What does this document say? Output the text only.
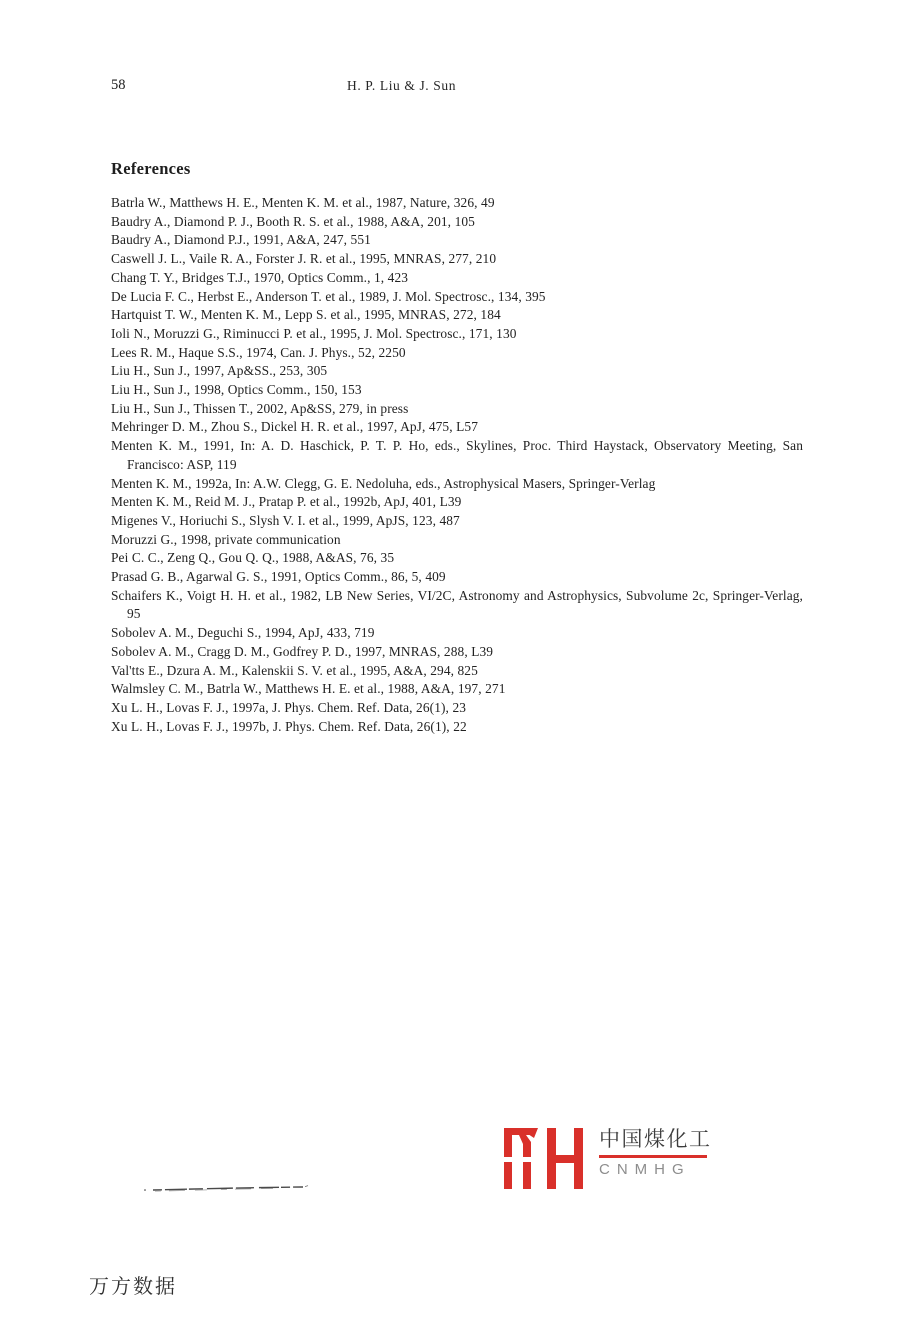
58	H. P. Liu & J. Sun
References
Batrla W., Matthews H. E., Menten K. M. et al., 1987, Nature, 326, 49
Baudry A., Diamond P. J., Booth R. S. et al., 1988, A&A, 201, 105
Baudry A., Diamond P.J., 1991, A&A, 247, 551
Caswell J. L., Vaile R. A., Forster J. R. et al., 1995, MNRAS, 277, 210
Chang T. Y., Bridges T.J., 1970, Optics Comm., 1, 423
De Lucia F. C., Herbst E., Anderson T. et al., 1989, J. Mol. Spectrosc., 134, 395
Hartquist T. W., Menten K. M., Lepp S. et al., 1995, MNRAS, 272, 184
Ioli N., Moruzzi G., Riminucci P. et al., 1995, J. Mol. Spectrosc., 171, 130
Lees R. M., Haque S.S., 1974, Can. J. Phys., 52, 2250
Liu H., Sun J., 1997, Ap&SS., 253, 305
Liu H., Sun J., 1998, Optics Comm., 150, 153
Liu H., Sun J., Thissen T., 2002, Ap&SS, 279, in press
Mehringer D. M., Zhou S., Dickel H. R. et al., 1997, ApJ, 475, L57
Menten K. M., 1991, In: A. D. Haschick, P. T. P. Ho, eds., Skylines, Proc. Third Haystack, Observatory Meeting, San Francisco: ASP, 119
Menten K. M., 1992a, In: A.W. Clegg, G. E. Nedoluha, eds., Astrophysical Masers, Springer-Verlag
Menten K. M., Reid M. J., Pratap P. et al., 1992b, ApJ, 401, L39
Migenes V., Horiuchi S., Slysh V. I. et al., 1999, ApJS, 123, 487
Moruzzi G., 1998, private communication
Pei C. C., Zeng Q., Gou Q. Q., 1988, A&AS, 76, 35
Prasad G. B., Agarwal G. S., 1991, Optics Comm., 86, 5, 409
Schaifers K., Voigt H. H. et al., 1982, LB New Series, VI/2C, Astronomy and Astrophysics, Subvolume 2c, Springer-Verlag, 95
Sobolev A. M., Deguchi S., 1994, ApJ, 433, 719
Sobolev A. M., Cragg D. M., Godfrey P. D., 1997, MNRAS, 288, L39
Val'tts E., Dzura A. M., Kalenskii S. V. et al., 1995, A&A, 294, 825
Walmsley C. M., Batrla W., Matthews H. E. et al., 1988, A&A, 197, 271
Xu L. H., Lovas F. J., 1997a, J. Phys. Chem. Ref. Data, 26(1), 23
Xu L. H., Lovas F. J., 1997b, J. Phys. Chem. Ref. Data, 26(1), 22
中国煤化工
CNMHG
万方数据
